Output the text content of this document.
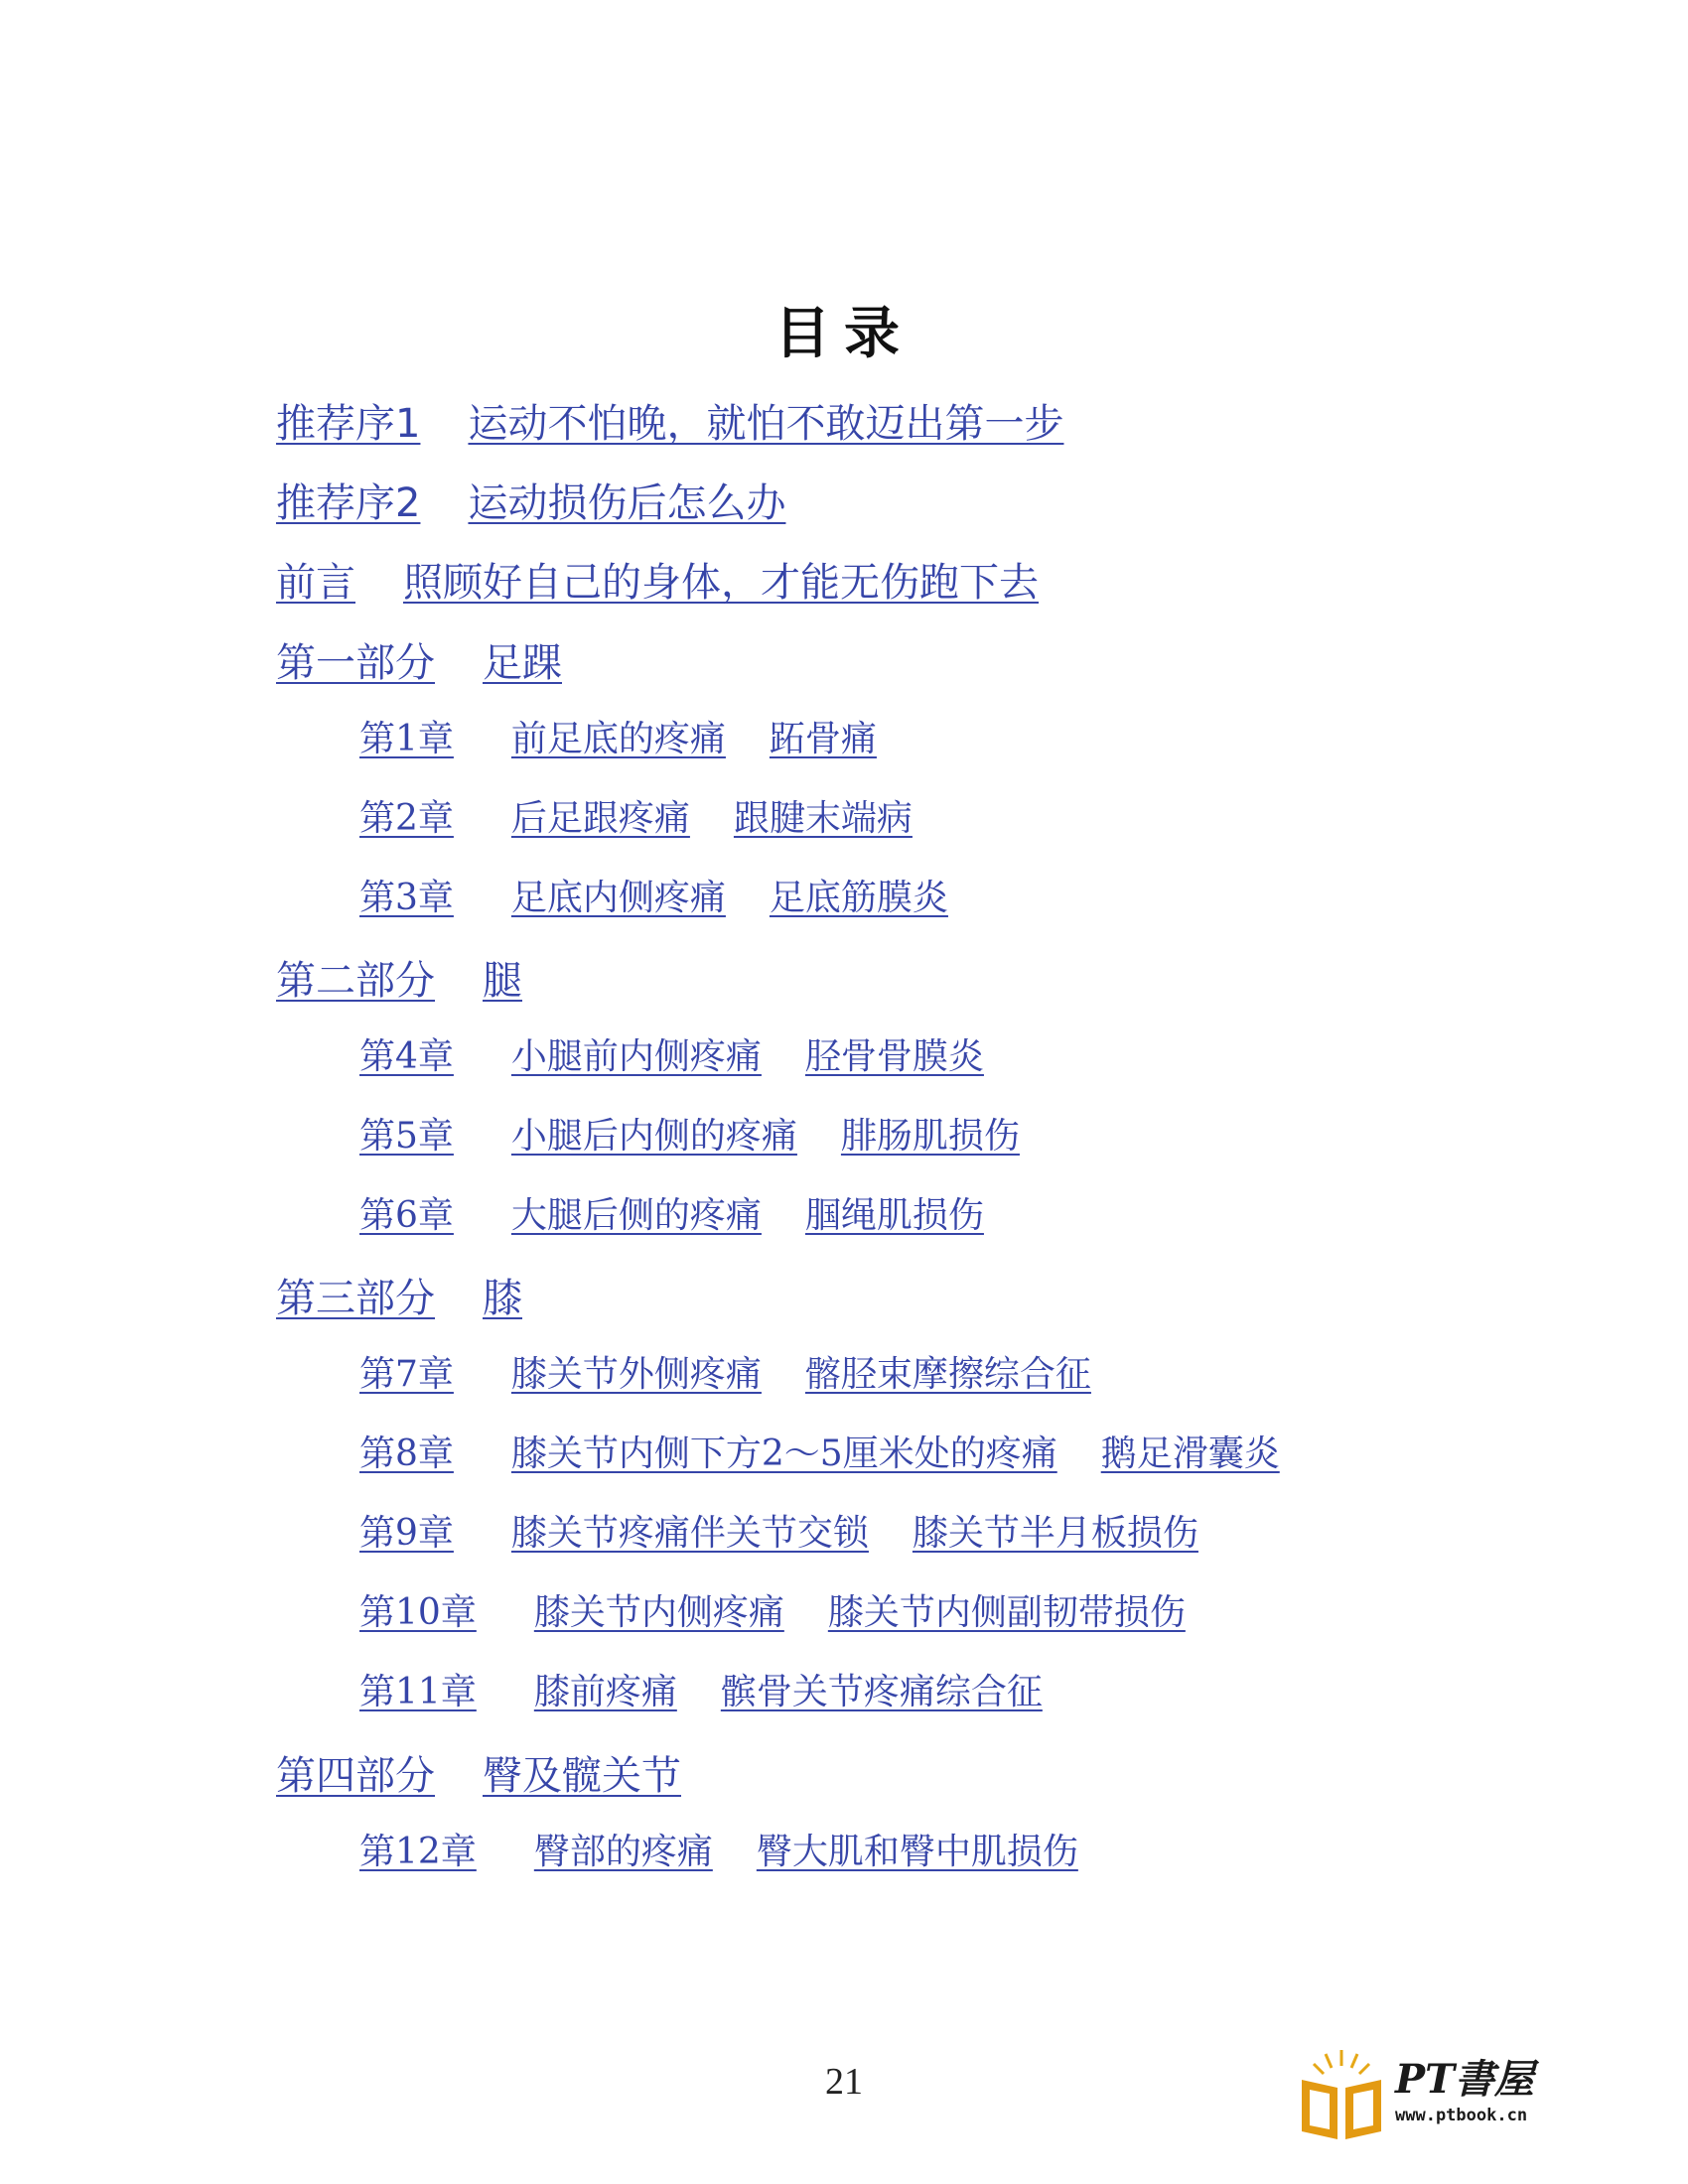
目录
推荐序1 运动不怕晚，就怕不敢迈出第一步
推荐序2 运动损伤后怎么办
前言 照顾好自己的身体，才能无伤跑下去
第一部分 足踝
第1章 前足底的疼痛 跖骨痛
第2章 后足跟疼痛 跟腱末端病
第3章 足底内侧疼痛 足底筋膜炎
第二部分 腿
第4章 小腿前内侧疼痛 胫骨骨膜炎
第5章 小腿后内侧的疼痛 腓肠肌损伤
第6章 大腿后侧的疼痛 腘绳肌损伤
第三部分 膝
第7章 膝关节外侧疼痛 髂胫束摩擦综合征
第8章 膝关节内侧下方2～5厘米处的疼痛 鹅足滑囊炎
第9章 膝关节疼痛伴关节交锁 膝关节半月板损伤
第10章 膝关节内侧疼痛 膝关节内侧副韧带损伤
第11章 膝前疼痛 髌骨关节疼痛综合征
第四部分 臀及髋关节
第12章 臀部的疼痛 臀大肌和臀中肌损伤
21	PT書屋
www.ptbook.cn
